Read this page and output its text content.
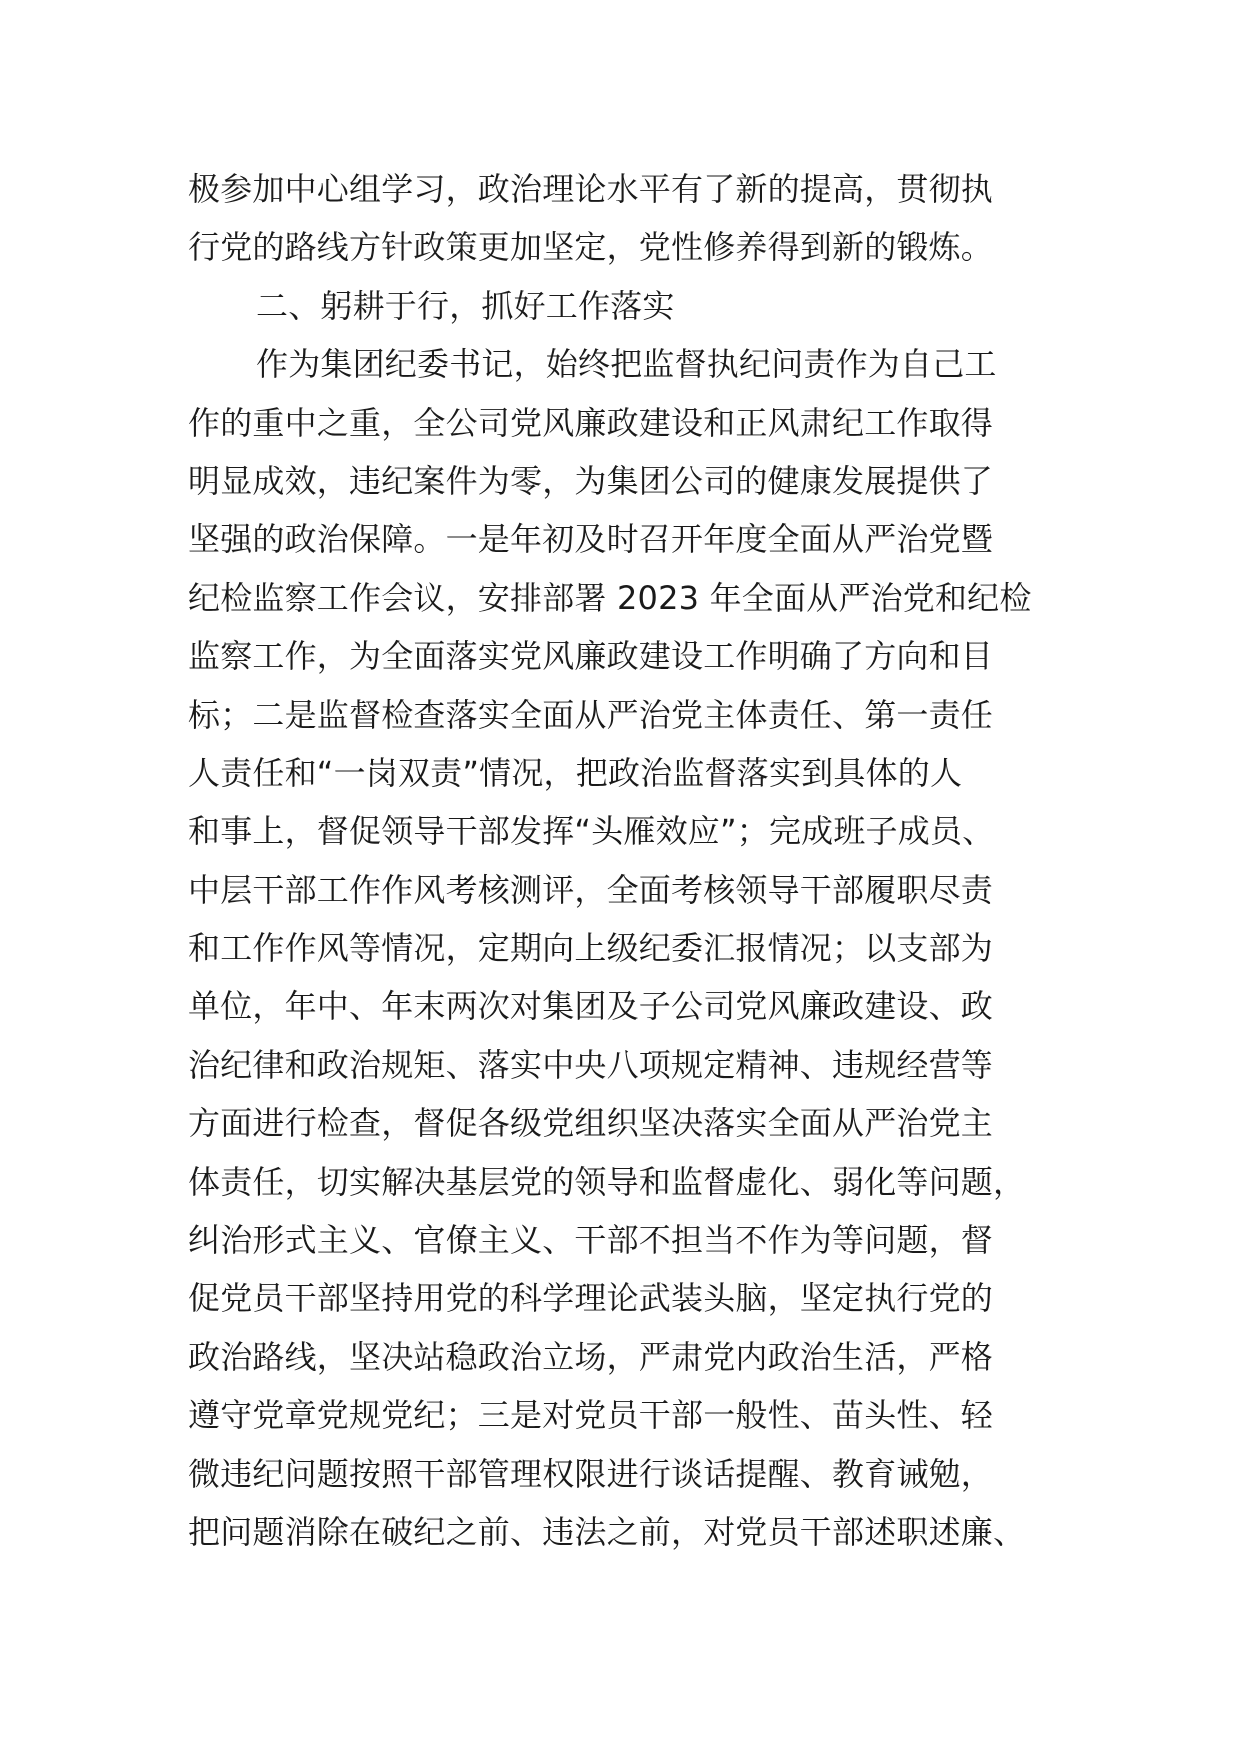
极参加中心组学习，政治理论水平有了新的提高，贯彻执
行党的路线方针政策更加坚定，党性修养得到新的锻炼。
二、躬耕于行，抓好工作落实
作为集团纪委书记，始终把监督执纪问责作为自己工
作的重中之重，全公司党风廉政建设和正风肃纪工作取得
明显成效，违纪案件为零，为集团公司的健康发展提供了
坚强的政治保障。一是年初及时召开年度全面从严治党暨
纪检监察工作会议，安排部署 2023 年全面从严治党和纪检
监察工作，为全面落实党风廉政建设工作明确了方向和目
标；二是监督检查落实全面从严治党主体责任、第一责任
人责任和“一岗双责”情况，把政治监督落实到具体的人
和事上，督促领导干部发挥“头雁效应”；完成班子成员、
中层干部工作作风考核测评，全面考核领导干部履职尽责
和工作作风等情况，定期向上级纪委汇报情况；以支部为
单位，年中、年末两次对集团及子公司党风廉政建设、政
治纪律和政治规矩、落实中央八项规定精神、违规经营等
方面进行检查，督促各级党组织坚决落实全面从严治党主
体责任，切实解决基层党的领导和监督虚化、弱化等问题，
纠治形式主义、官僚主义、干部不担当不作为等问题，督
促党员干部坚持用党的科学理论武装头脑，坚定执行党的
政治路线，坚决站稳政治立场，严肃党内政治生活，严格
遵守党章党规党纪；三是对党员干部一般性、苗头性、轻
微违纪问题按照干部管理权限进行谈话提醒、教育诫勉，
把问题消除在破纪之前、违法之前，对党员干部述职述廉、
